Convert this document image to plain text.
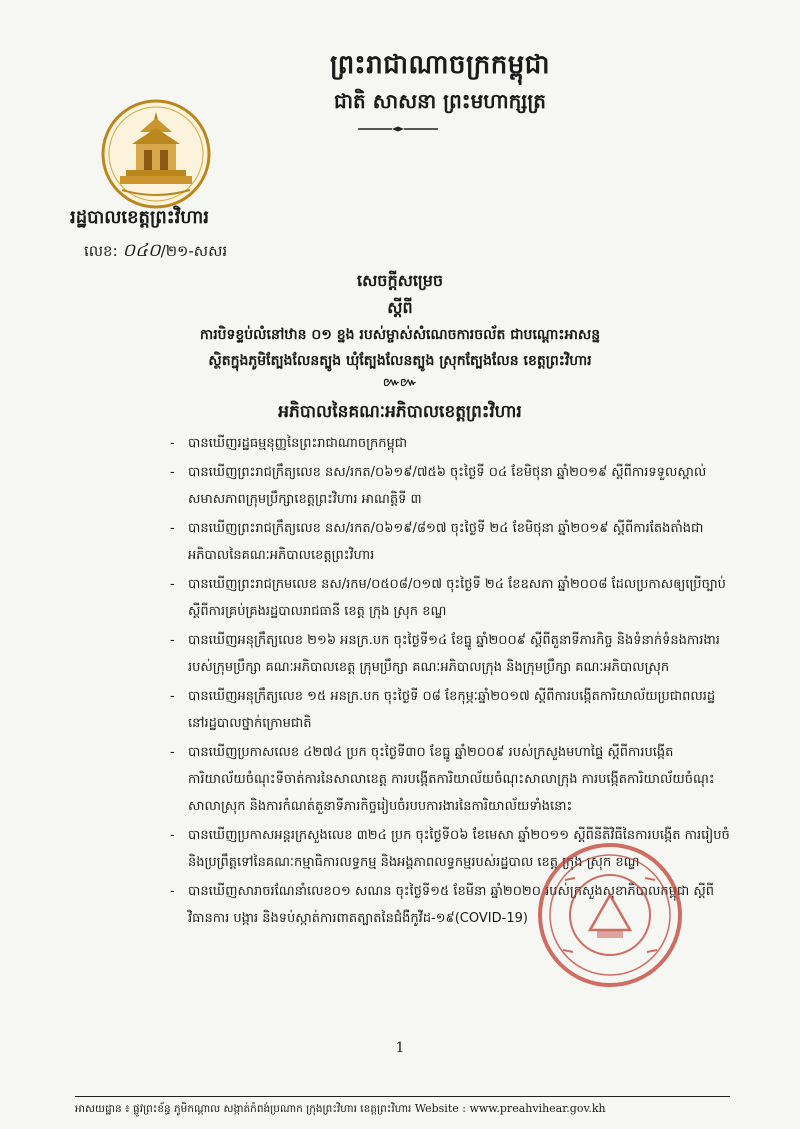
ព្រះរាជាណាចក្រកម្ពុជា
ជាតិ សាសនា ព្រះមហាក្សត្រ
រដ្ឋបាលខេត្តព្រះវិហារ
លេខ: ០៤០/២១-សសរ
សេចក្តីសម្រេច
ស្តីពី
ការបិទខ្ទប់លំនៅឋាន ០១ ខ្នង របស់ម្ចាស់សំណេចការចល័ត ជាបណ្តោះអាសន្ន
ស្ថិតក្នុងភូមិត្បែងលែនត្បូង ឃុំត្បែងលែនត្បូង ស្រុកត្បែងលែន ខេត្តព្រះវិហារ
៚៚
អភិបាលនៃគណៈអភិបាលខេត្តព្រះវិហារ
- បានឃើញរដ្ឋធម្មនុញ្ញនៃព្រះរាជាណាចក្រកម្ពុជា
- បានឃើញព្រះរាជក្រឹត្យលេខ នស/រកត/០៦១៩/៧៥៦ ចុះថ្ងៃទី ០៤ ខែមិថុនា ឆ្នាំ២០១៩ ស្តីពីការទទួលស្គាល់សមាសភាពក្រុមប្រឹក្សាខេត្តព្រះវិហារ អាណត្តិទី ៣
- បានឃើញព្រះរាជក្រឹត្យលេខ នស/រកត/០៦១៩/៨១៧ ចុះថ្ងៃទី ២៤ ខែមិថុនា ឆ្នាំ២០១៩ ស្តីពីការតែងតាំងជាអភិបាលនៃគណៈអភិបាលខេត្តព្រះវិហារ
- បានឃើញព្រះរាជក្រមលេខ នស/រកម/០៥០៨/០១៧ ចុះថ្ងៃទី ២៤ ខែឧសភា ឆ្នាំ២០០៨ ដែលប្រកាសឲ្យប្រើច្បាប់ស្តីពីការគ្រប់គ្រងរដ្ឋបាលរាជធានី ខេត្ត ក្រុង ស្រុក ខណ្ឌ
- បានឃើញអនុក្រឹត្យលេខ ២១៦ អនក្រ.បក ចុះថ្ងៃទី១៤ ខែធ្នូ ឆ្នាំ២០០៩ ស្តីពីតួនាទីភារកិច្ច និងទំនាក់ទំនងការងាររបស់ក្រុមប្រឹក្សា គណៈអភិបាលខេត្ត ក្រុមប្រឹក្សា គណៈអភិបាលក្រុង និងក្រុមប្រឹក្សា គណៈអភិបាលស្រុក
- បានឃើញអនុក្រឹត្យលេខ ១៥ អនក្រ.បក ចុះថ្ងៃទី ០៨ ខែកុម្ភៈឆ្នាំ២០១៧ ស្តីពីការបង្កើតការិយាល័យប្រជាពលរដ្ឋនៅរដ្ឋបាលថ្នាក់ក្រោមជាតិ
- បានឃើញប្រកាសលេខ ៤២៧៤ ប្រក ចុះថ្ងៃទី៣០ ខែធ្នូ ឆ្នាំ២០០៩ របស់ក្រសួងមហាផ្ទៃ ស្តីពីការបង្កើតការិយាល័យចំណុះទីចាត់ការនៃសាលាខេត្ត ការបង្កើតការិយាល័យចំណុះសាលាក្រុង ការបង្កើតការិយាល័យចំណុះសាលាស្រុក និងការកំណត់តួនាទីភារកិច្ចរៀបចំរបបការងារនៃការិយាល័យទាំងនោះ
- បានឃើញប្រកាសអន្តរក្រសួងលេខ ៣២៤ ប្រក ចុះថ្ងៃទី០៦ ខែមេសា ឆ្នាំ២០១១ ស្តីពីនីតិវិធីនៃការបង្កើត ការរៀបចំ និងប្រព្រឹត្តទៅនៃគណៈកម្មាធិការលទ្ធកម្ម និងអង្គភាពលទ្ធកម្មរបស់រដ្ឋបាល ខេត្ត ក្រុង ស្រុក ខណ្ឌ
- បានឃើញសារាចរណែនាំលេខ០១ សណន ចុះថ្ងៃទី១៥ ខែមីនា ឆ្នាំ២០២០ របស់ក្រសួងសុខាភិបាលកម្ពុជា ស្តីពីវិធានការ បង្ការ និងទប់ស្កាត់ការពាតត្បាតនៃជំងឺកូវីដ-១៩(COVID-19)
1
អាសយដ្ឋាន ៖ ផ្លូវព្រះខ័ន្ធ ភូមិកណ្តាល សង្កាត់កំពង់ប្រណាក ក្រុងព្រះវិហារ ខេត្តព្រះវិហារ Website : www.preahvihear.gov.kh
